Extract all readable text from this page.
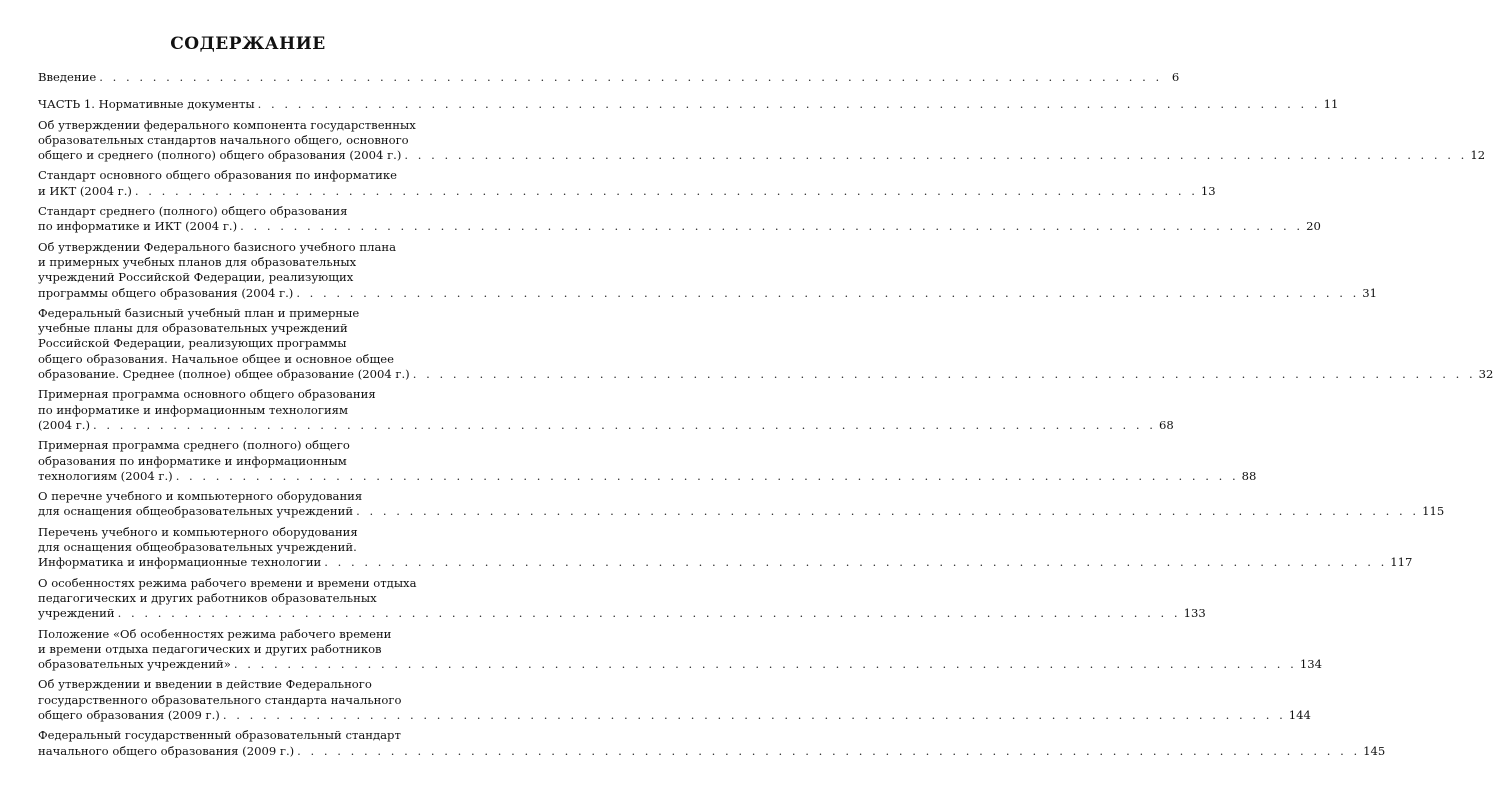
СОДЕРЖАНИЕ
Введение . . . . . . . . . . . . . . . . . . . . . . . . . . . . . . . . . . . . . . . . . . . . . . . . . . . . . . . . . . . . . . . . . . . . . . . . . . . . . . . . 6
ЧАСТЬ 1. Нормативные документы . . . . . . . . . . . . . . . . . . . . . . . . . . . . . . . . . . . . . . . . . . . . . . . . . . . . . . . . . . . . . . . . . . . . . . . . . . . . . . . . 11
Об утверждении федерального компонента государственных
образовательных стандартов начального общего, основного
общего и среднего (полного) общего образования (2004 г.) . . . . . . . . . . . . . . . . . . . . . . . . . . . . . . . . . . . . . . . . . . . . . . . . . . . . . . . . . . . . . . . . . . . . . . . . . . . . . . . . 12
Стандарт основного общего образования по информатике
и ИКТ (2004 г.) . . . . . . . . . . . . . . . . . . . . . . . . . . . . . . . . . . . . . . . . . . . . . . . . . . . . . . . . . . . . . . . . . . . . . . . . . . . . . . . . 13
Стандарт среднего (полного) общего образования
по информатике и ИКТ (2004 г.) . . . . . . . . . . . . . . . . . . . . . . . . . . . . . . . . . . . . . . . . . . . . . . . . . . . . . . . . . . . . . . . . . . . . . . . . . . . . . . . . 20
Об утверждении Федерального базисного учебного плана
и примерных учебных планов для образовательных
учреждений Российской Федерации, реализующих
программы общего образования (2004 г.) . . . . . . . . . . . . . . . . . . . . . . . . . . . . . . . . . . . . . . . . . . . . . . . . . . . . . . . . . . . . . . . . . . . . . . . . . . . . . . . . 31
Федеральный базисный учебный план и примерные
учебные планы для образовательных учреждений
Российской Федерации, реализующих программы
общего образования. Начальное общее и основное общее
образование. Среднее (полное) общее образование (2004 г.) . . . . . . . . . . . . . . . . . . . . . . . . . . . . . . . . . . . . . . . . . . . . . . . . . . . . . . . . . . . . . . . . . . . . . . . . . . . . . . . . 32
Примерная программа основного общего образования
по информатике и информационным технологиям
(2004 г.) . . . . . . . . . . . . . . . . . . . . . . . . . . . . . . . . . . . . . . . . . . . . . . . . . . . . . . . . . . . . . . . . . . . . . . . . . . . . . . . . 68
Примерная программа среднего (полного) общего
образования по информатике и информационным
технологиям (2004 г.) . . . . . . . . . . . . . . . . . . . . . . . . . . . . . . . . . . . . . . . . . . . . . . . . . . . . . . . . . . . . . . . . . . . . . . . . . . . . . . . . 88
О перечне учебного и компьютерного оборудования
для оснащения общеобразовательных учреждений . . . . . . . . . . . . . . . . . . . . . . . . . . . . . . . . . . . . . . . . . . . . . . . . . . . . . . . . . . . . . . . . . . . . . . . . . . . . . . . . 115
Перечень учебного и компьютерного оборудования
для оснащения общеобразовательных учреждений.
Информатика и информационные технологии . . . . . . . . . . . . . . . . . . . . . . . . . . . . . . . . . . . . . . . . . . . . . . . . . . . . . . . . . . . . . . . . . . . . . . . . . . . . . . . . 117
О особенностях режима рабочего времени и времени отдыха
педагогических и других работников образовательных
учреждений . . . . . . . . . . . . . . . . . . . . . . . . . . . . . . . . . . . . . . . . . . . . . . . . . . . . . . . . . . . . . . . . . . . . . . . . . . . . . . . . 133
Положение «Об особенностях режима рабочего времени
и времени отдыха педагогических и других работников
образовательных учреждений» . . . . . . . . . . . . . . . . . . . . . . . . . . . . . . . . . . . . . . . . . . . . . . . . . . . . . . . . . . . . . . . . . . . . . . . . . . . . . . . . 134
Об утверждении и введении в действие Федерального
государственного образовательного стандарта начального
общего образования (2009 г.) . . . . . . . . . . . . . . . . . . . . . . . . . . . . . . . . . . . . . . . . . . . . . . . . . . . . . . . . . . . . . . . . . . . . . . . . . . . . . . . . 144
Федеральный государственный образовательный стандарт
начального общего образования (2009 г.) . . . . . . . . . . . . . . . . . . . . . . . . . . . . . . . . . . . . . . . . . . . . . . . . . . . . . . . . . . . . . . . . . . . . . . . . . . . . . . . . 145
